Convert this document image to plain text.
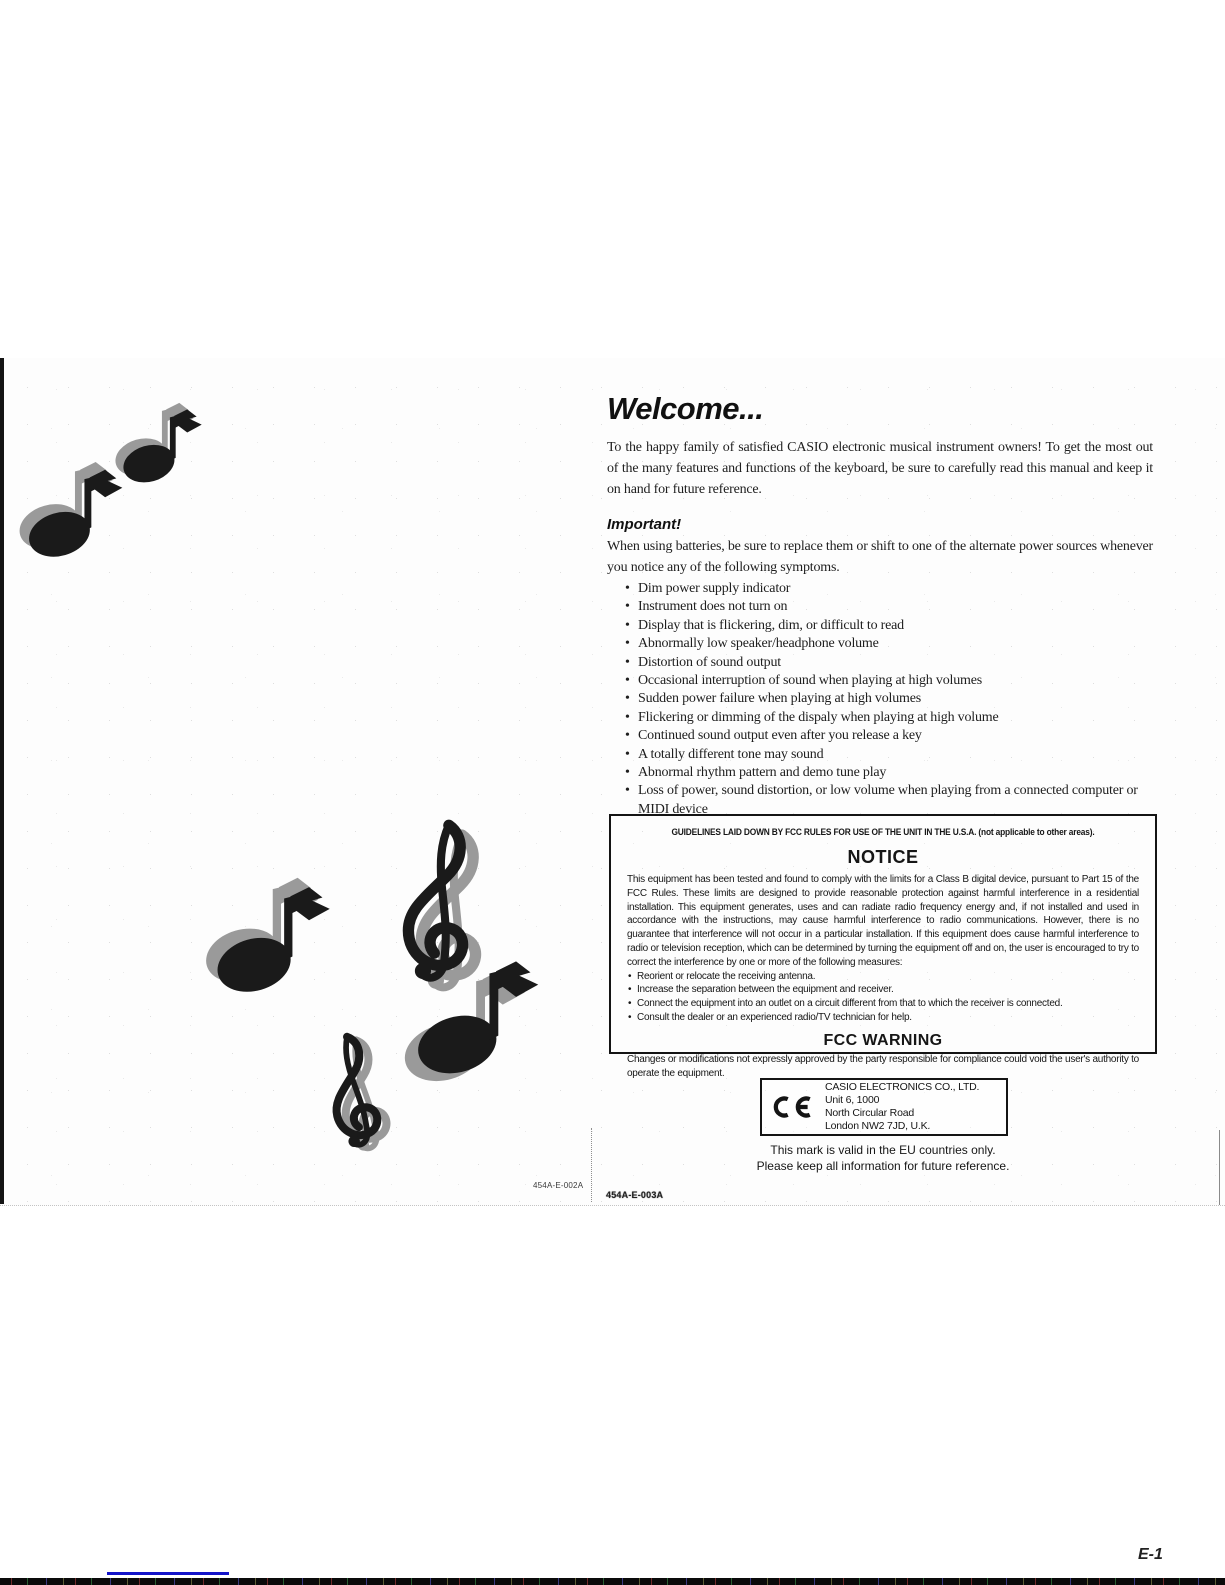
E-1
Welcome...

To the happy family of satisfied CASIO electronic musical instrument owners! To get the most out of the many features and functions of the keyboard, be sure to carefully read this manual and keep it on hand for future reference.

Important!

When using batteries, be sure to replace them or shift to one of the alternate power sources whenever you notice any of the following symptoms.

• Dim power supply indicator
• Instrument does not turn on
• Display that is flickering, dim, or difficult to read
• Abnormally low speaker/headphone volume
• Distortion of sound output
• Occasional interruption of sound when playing at high volumes
• Sudden power failure when playing at high volumes
• Flickering or dimming of the dispaly when playing at high volume
• Continued sound output even after you release a key
• A totally different tone may sound
• Abnormal rhythm pattern and demo tune play
• Loss of power, sound distortion, or low volume when playing from a connected computer or MIDI device
GUIDELINES LAID DOWN BY FCC RULES FOR USE OF THE UNIT IN THE U.S.A. (not applicable to other areas).
NOTICE

This equipment has been tested and found to comply with the limits for a Class B digital device, pursuant to Part 15 of the FCC Rules. These limits are designed to provide reasonable protection against harmful interference in a residential installation. This equipment generates, uses and can radiate radio frequency energy and, if not installed and used in accordance with the instructions, may cause harmful interference to radio communications. However, there is no guarantee that interference will not occur in a particular installation. If this equipment does cause harmful interference to radio or television reception, which can be determined by turning the equipment off and on, the user is encouraged to try to correct the interference by one or more of the following measures:

• Reorient or relocate the receiving antenna.
• Increase the separation between the equipment and receiver.
• Connect the equipment into an outlet on a circuit different from that to which the receiver is connected.
• Consult the dealer or an experienced radio/TV technician for help.
FCC WARNING

Changes or modifications not expressly approved by the party responsible for compliance could void the user's authority to operate the equipment.

CASIO ELECTRONICS CO., LTD.
Unit 6, 1000
North Circular Road
London NW2 7JD, U.K.
This mark is valid in the EU countries only.
Please keep all information for future reference.
454A-E-002A
454A-E-003A
